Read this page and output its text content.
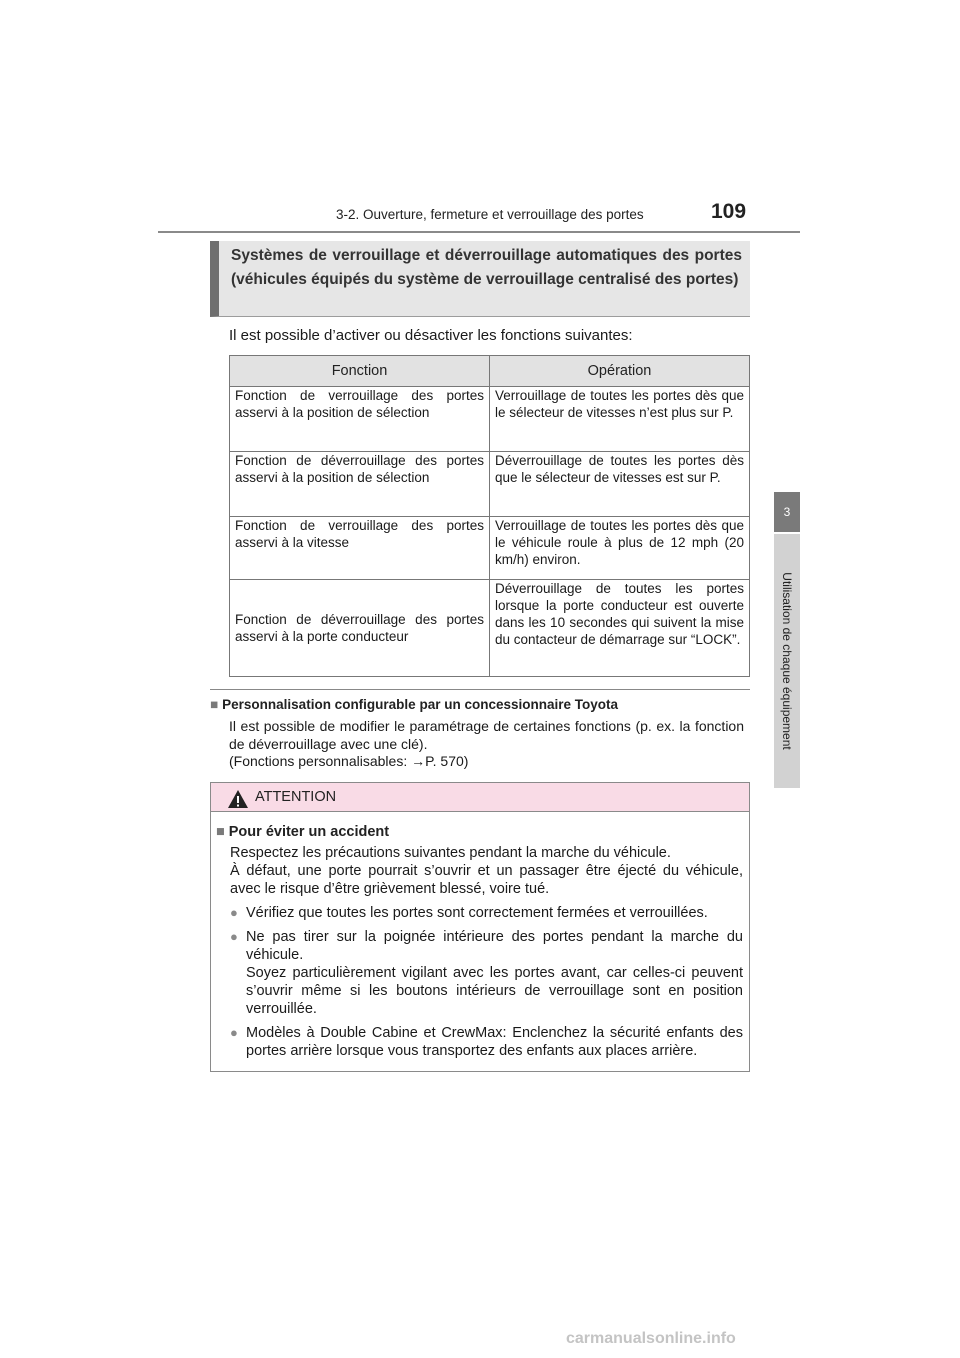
3-2. Ouverture, fermeture et verrouillage des portes	109
3
Utilisation de chaque équipement
Systèmes de verrouillage et déverrouillage automatiques des portes (véhicules équipés du système de verrouillage centralisé des portes)
Il est possible d’activer ou désactiver les fonctions suivantes:
Fonction	Opération
Fonction de verrouillage des portes asservi à la position de sélection	Verrouillage de toutes les portes dès que le sélecteur de vitesses n’est plus sur P.
Fonction de déverrouillage des portes asservi à la position de sélection	Déverrouillage de toutes les portes dès que le sélecteur de vitesses est sur P.
Fonction de verrouillage des portes asservi à la vitesse	Verrouillage de toutes les portes dès que le véhicule roule à plus de 12 mph (20 km/h) environ.
Fonction de déverrouillage des portes asservi à la porte conducteur	Déverrouillage de toutes les portes lorsque la porte conducteur est ouverte dans les 10 secondes qui suivent la mise du contacteur de démarrage sur “LOCK”.
■ Personnalisation configurable par un concessionnaire Toyota

Il est possible de modifier le paramétrage de certaines fonctions (p. ex. la fonction de déverrouillage avec une clé).

(Fonctions personnalisables: →P. 570)

ATTENTION
■ Pour éviter un accident

Respectez les précautions suivantes pendant la marche du véhicule.

À défaut, une porte pourrait s’ouvrir et un passager être éjecté du véhicule, avec le risque d’être grièvement blessé, voire tué.

● Vérifiez que toutes les portes sont correctement fermées et verrouillées.

● Ne pas tirer sur la poignée intérieure des portes pendant la marche du véhicule.

Soyez particulièrement vigilant avec les portes avant, car celles-ci peuvent s’ouvrir même si les boutons intérieurs de verrouillage sont en position verrouillée.

● Modèles à Double Cabine et CrewMax: Enclenchez la sécurité enfants des portes arrière lorsque vous transportez des enfants aux places arrière.

carmanualsonline.info
